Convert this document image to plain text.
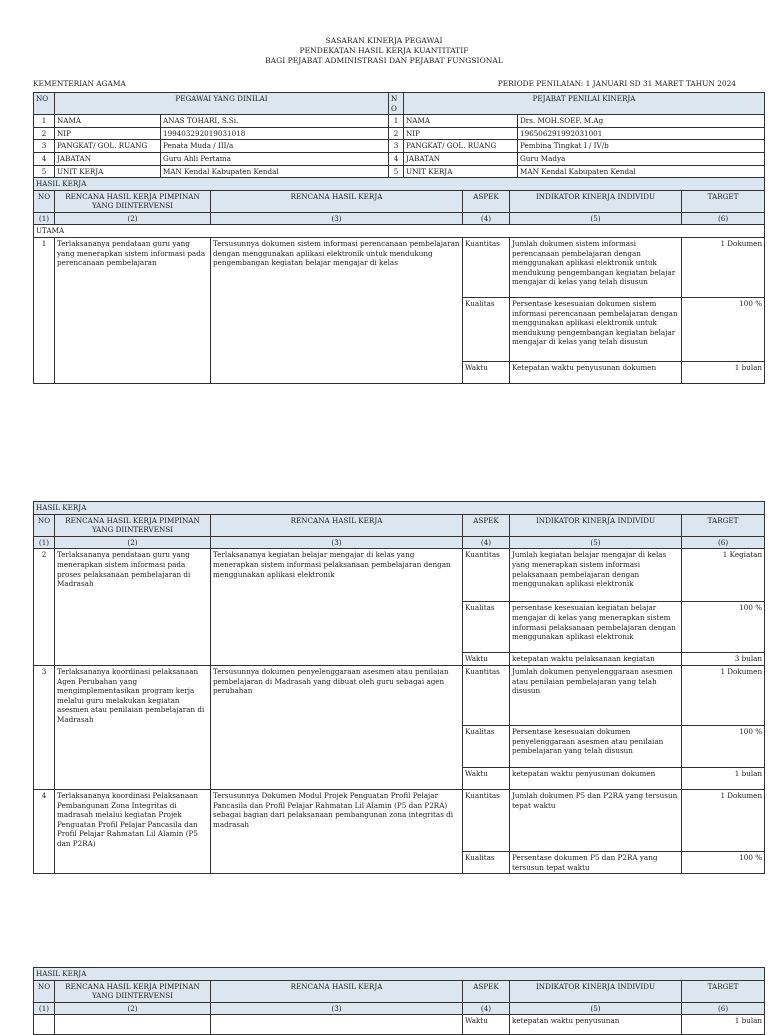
SASARAN KINERJA PEGAWAI
PENDEKATAN HASIL KERJA KUANTITATIF
BAGI PEJABAT ADMINISTRASI DAN PEJABAT FUNGSIONAL
KEMENTERIAN AGAMA	PERIODE PENILAIAN: 1 JANUARI SD 31 MARET TAHUN 2024
NO	PEGAWAI YANG DINILAI		NO	PEJABAT PENILAI KINERJA	
1	NAMA	ANAS TOHARI, S.Si.	1	NAMA	Drs. MOH.SOEF, M.Ag
2	NIP	199403292019031018	2	NIP	196506291992031001
3	PANGKAT/ GOL. RUANG	Penata Muda / III/a	3	PANGKAT/ GOL. RUANG	Pembina Tingkat I / IV/b
4	JABATAN	Guru Ahli Pertama	4	JABATAN	Guru Madya
5	UNIT KERJA	MAN Kendal Kabupaten Kendal	5	UNIT KERJA	MAN Kendal Kabupaten Kendal
HASIL KERJA					
NO	RENCANA HASIL KERJA PIMPINAN YANG DIINTERVENSI	RENCANA HASIL KERJA	ASPEK	INDIKATOR KINERJA INDIVIDU	TARGET
(1)	(2)	(3)	(4)	(5)	(6)
UTAMA					
1	Terlaksananya pendataan guru yang yang menerapkan sistem informasi pada perencanaan pembelajaran	Tersusunnya dokumen sistem informasi perencanaan pembelajaran dengan menggunakan aplikasi elektronik untuk mendukung pengembangan kegiatan belajar mengajar di kelas	Kuantitas	Jumlah dokumen sistem informasi perencanaan pembelajaran dengan menggunakan aplikasi elektronik untuk mendukung pengembangan kegiatan belajar mengajar di kelas yang telah disusun	1 Dokumen
			Kualitas	Persentase kesesuaian dokumen sistem informasi perencanaan pembelajaran dengan menggunakan aplikasi elektronik untuk mendukung pengembangan kegiatan belajar mengajar di kelas yang telah disusun	100 %
			Waktu	Ketepatan waktu penyusunan dokumen	1 bulan
HASIL KERJA					
NO	RENCANA HASIL KERJA PIMPINAN YANG DIINTERVENSI	RENCANA HASIL KERJA	ASPEK	INDIKATOR KINERJA INDIVIDU	TARGET
(1)	(2)	(3)	(4)	(5)	(6)
2	Terlaksananya pendataan guru yang menerapkan sistem informasi pada proses pelaksanaan pembelajaran di Madrasah	Terlaksananya kegiatan belajar mengajar di kelas yang menerapkan sistem informasi pelaksanaan pembelajaran dengan menggunakan aplikasi elektronik	Kuantitas	Jumlah kegiatan belajar mengajar di kelas yang menerapkan sistem informasi pelaksanaan pembelajaran dengan menggunakan aplikasi elektronik	1 Kegiatan
			Kualitas	persentase kesesuaian kegiatan belajar mengajar di kelas yang menerapkan sistem informasi pelaksanaan pembelajaran dengan menggunakan aplikasi elektronik	100 %
			Waktu	ketepatan waktu pelaksanaan kegiatan	3 bulan
3	Terlaksananya koordinasi pelaksanaan Agen Perubahan yang mengimplementasikan program kerja melalui guru melakukan kegiatan asesmen atau penilaian pembelajaran di Madrasah	Tersusunnya dokumen penyelenggaraan asesmen atau penilaian pembelajaran di Madrasah yang dibuat oleh guru sebagai agen perubahan	Kuantitas	Jumlah dokumen penyelenggaraan asesmen atau penilaian pembelajaran yang telah disusun	1 Dokumen
			Kualitas	Persentase kesesuaian dokumen penyelenggaraan asesmen atau penilaian pembelajaran yang telah disusun	100 %
			Waktu	ketepatan waktu penyusunan dokumen	1 bulan
4	Terlaksananya koordinasi Pelaksanaan Pembangunan Zona Integritas di madrasah melalui kegiatan Projek Penguatan Profil Pelajar Pancasila dan Profil Pelajar Rahmatan Lil Alamin (P5 dan P2RA)	Tersusunnya Dokumen Modul Projek Penguatan Profil Pelajar Pancasila dan Profil Pelajar Rahmatan Lil Alamin (P5 dan P2RA) sebagai bagian dari pelaksanaan pembangunan zona integritas di madrasah	Kuantitas	Jumlah dokumen P5 dan P2RA yang tersusun tepat waktu	1 Dokumen
			Kualitas	Persentase dokumen P5 dan P2RA yang tersusun tepat waktu	100 %
HASIL KERJA					
NO	RENCANA HASIL KERJA PIMPINAN YANG DIINTERVENSI	RENCANA HASIL KERJA	ASPEK	INDIKATOR KINERJA INDIVIDU	TARGET
(1)	(2)	(3)	(4)	(5)	(6)
			Waktu	ketepatan waktu penyusunan	1 bulan
